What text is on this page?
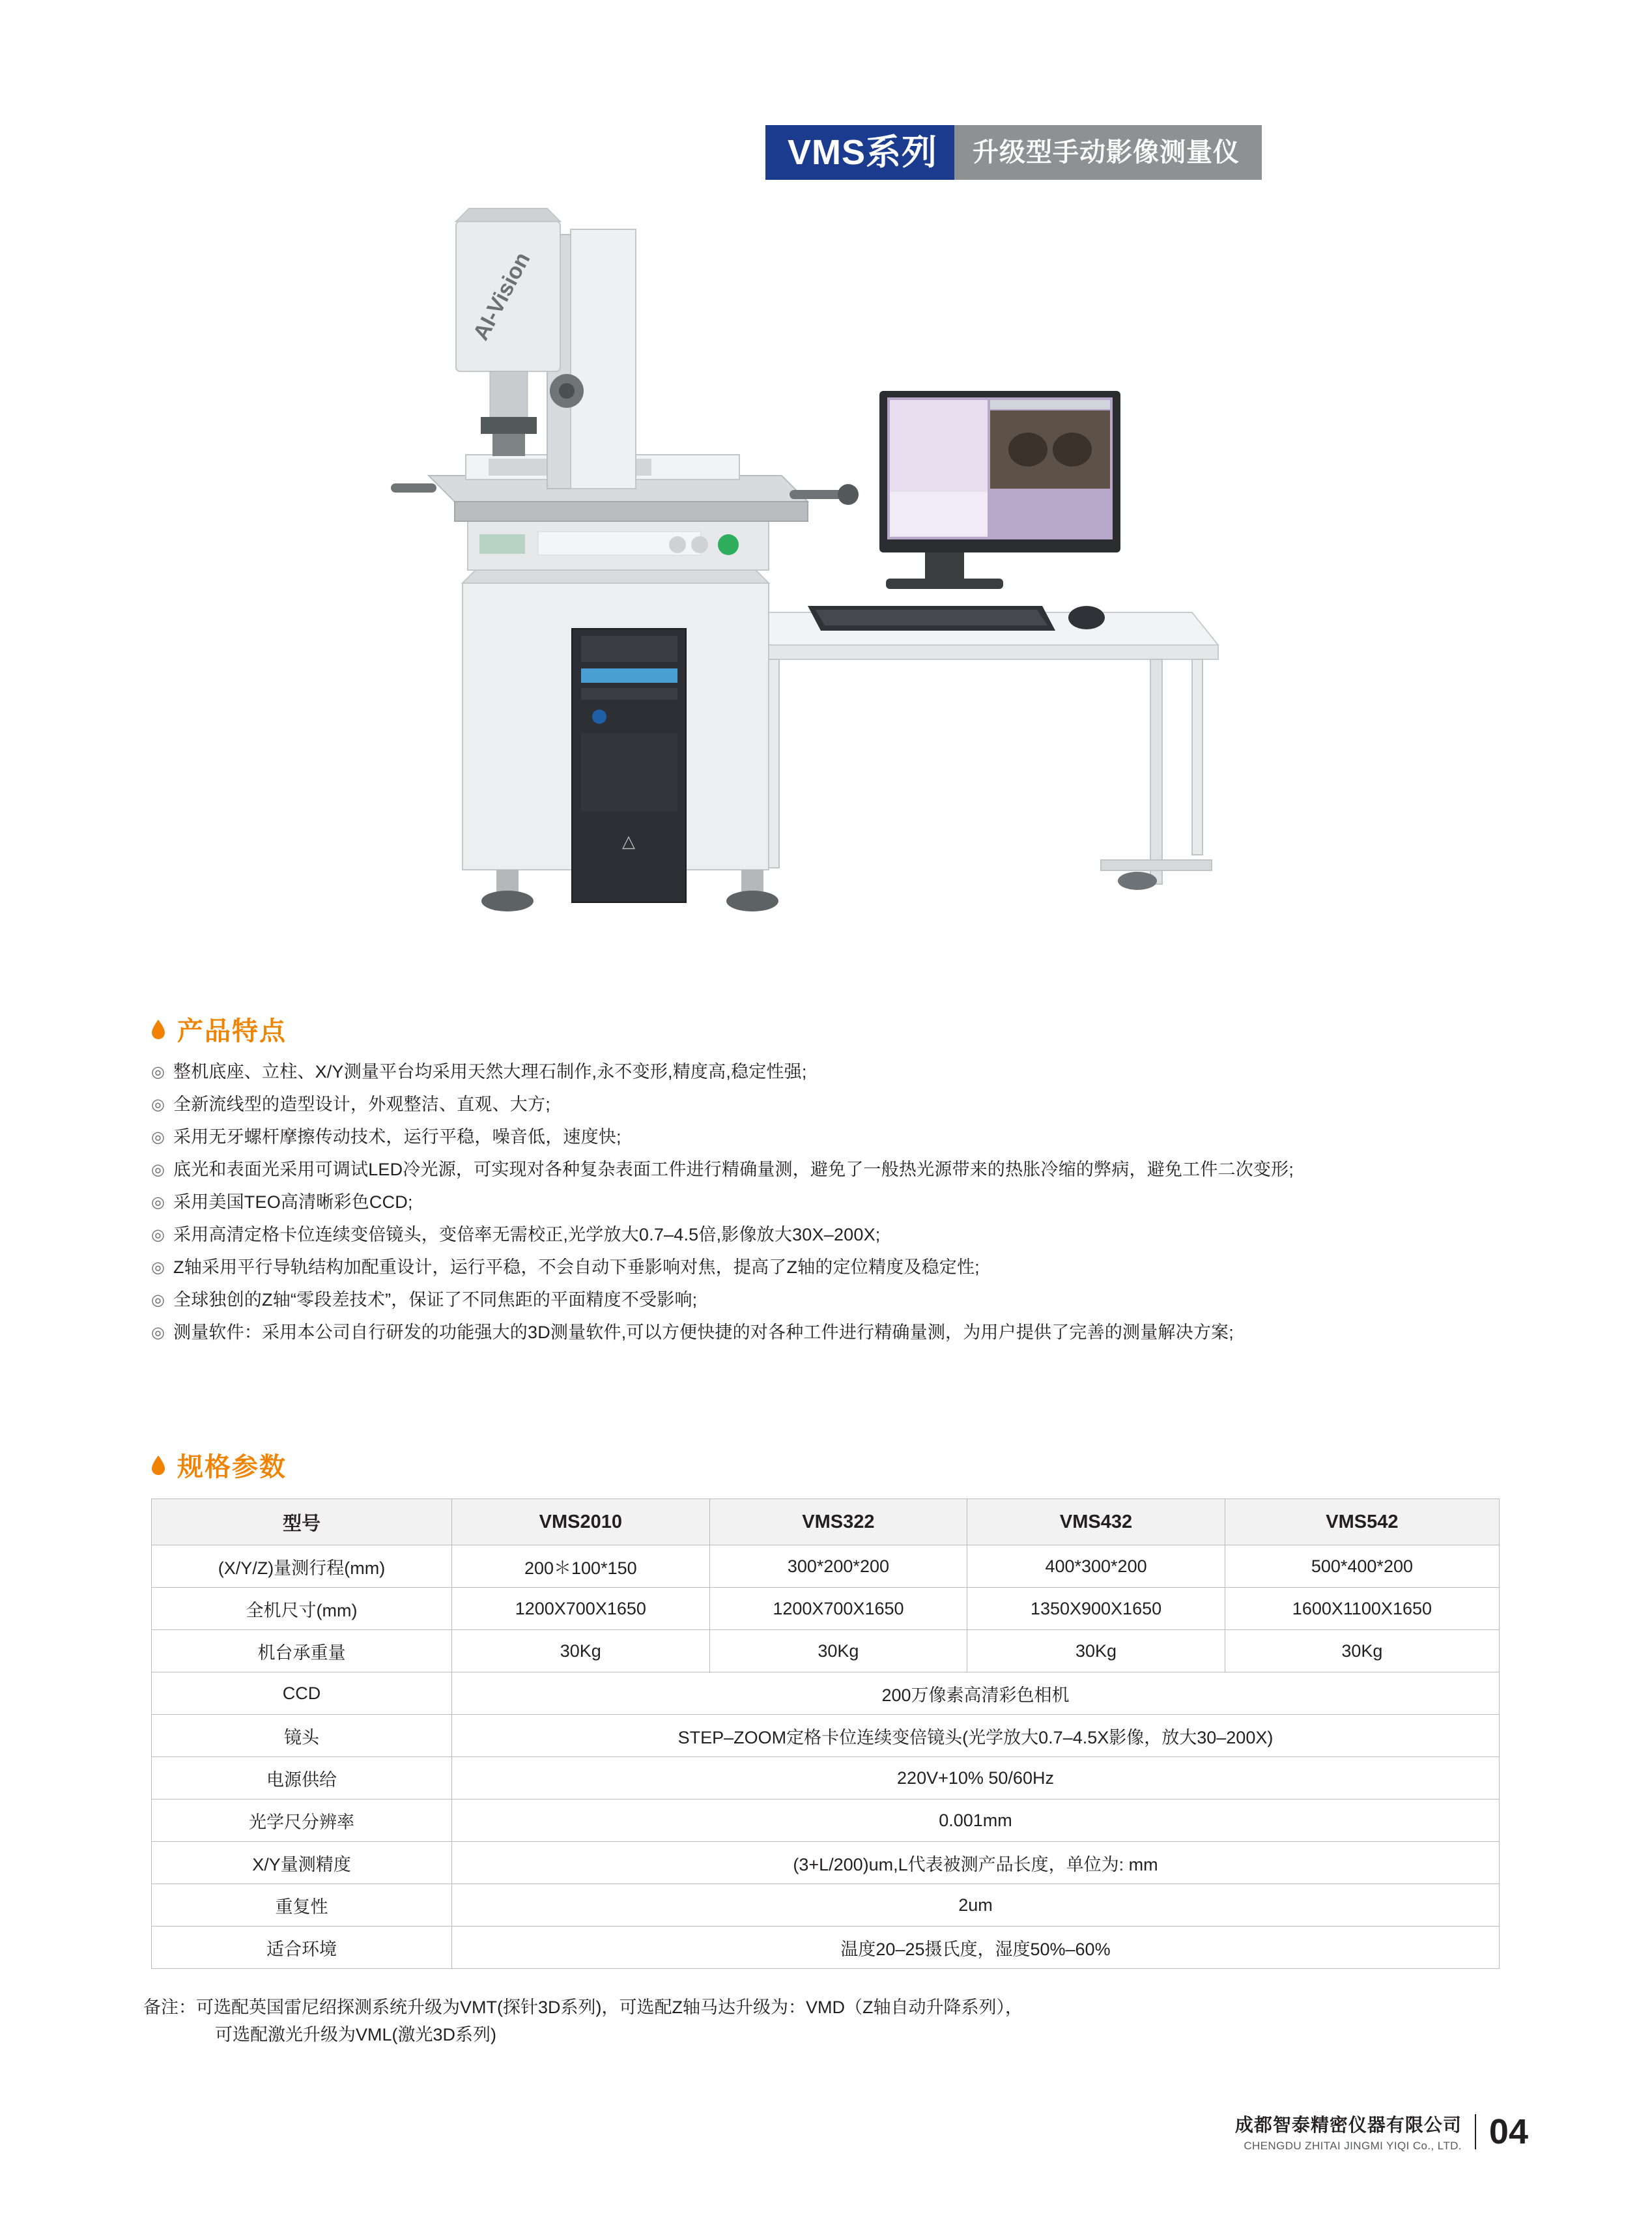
VMS系列	升级型手动影像测量仪
△
AI-Vision
产品特点
◎ 整机底座、立柱、X/Y测量平台均采用天然大理石制作,永不变形,精度高,稳定性强;
◎ 全新流线型的造型设计，外观整洁、直观、大方;
◎ 采用无牙螺杆摩擦传动技术，运行平稳，噪音低，速度快;
◎ 底光和表面光采用可调试LED冷光源，可实现对各种复杂表面工件进行精确量测，避免了一般热光源带来的热胀冷缩的弊病，避免工件二次变形;
◎ 采用美国TEO高清晰彩色CCD;
◎ 采用高清定格卡位连续变倍镜头，变倍率无需校正,光学放大0.7–4.5倍,影像放大30X–200X;
◎ Z轴采用平行导轨结构加配重设计，运行平稳，不会自动下垂影响对焦，提高了Z轴的定位精度及稳定性;
◎ 全球独创的Z轴“零段差技术”，保证了不同焦距的平面精度不受影响;
◎ 测量软件：采用本公司自行研发的功能强大的3D测量软件,可以方便快捷的对各种工件进行精确量测，为用户提供了完善的测量解决方案;
规格参数
型号	VMS2010	VMS322	VMS432	VMS542
(X/Y/Z)量测行程(mm)	200＊100*150	300*200*200	400*300*200	500*400*200
全机尺寸(mm)	1200X700X1650	1200X700X1650	1350X900X1650	1600X1100X1650
机台承重量	30Kg	30Kg	30Kg	30Kg
CCD	200万像素高清彩色相机			
镜头	STEP–ZOOM定格卡位连续变倍镜头(光学放大0.7–4.5X影像，放大30–200X)			
电源供给	220V+10% 50/60Hz			
光学尺分辨率	0.001mm			
X/Y量测精度	(3+L/200)um,L代表被测产品长度，单位为: mm			
重复性	2um			
适合环境	温度20–25摄氏度，湿度50%–60%			
备注：可选配英国雷尼绍探测系统升级为VMT(探针3D系列)，可选配Z轴马达升级为：VMD（Z轴自动升降系列），
可选配激光升级为VML(激光3D系列)
成都智泰精密仪器有限公司
CHENGDU ZHITAI JINGMI YIQI Co., LTD. 04
